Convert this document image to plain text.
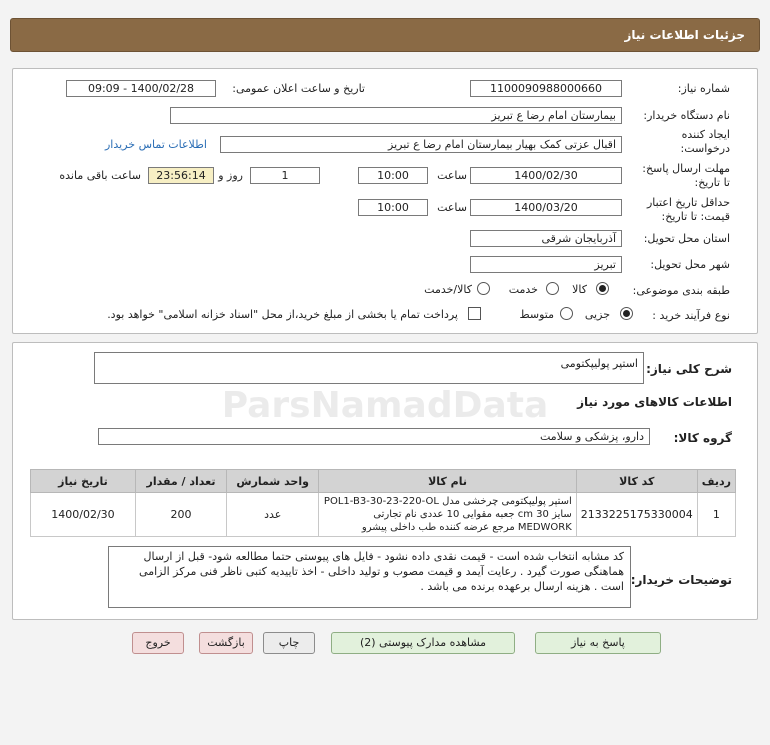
جزئیات اطلاعات نیاز
شماره نیاز:
1100090988000660
تاریخ و ساعت اعلان عمومی:
1400/02/28 - 09:09
نام دستگاه خریدار:
بیمارستان امام رضا ع تبریز
ایجاد کننده درخواست:
اقبال عزتی کمک بهیار بیمارستان امام رضا ع تبریز
اطلاعات تماس خریدار
مهلت ارسال پاسخ: تا تاریخ:
1400/02/30
ساعت
10:00
1
روز و
23:56:14
ساعت باقی مانده
حداقل تاریخ اعتبار قیمت: تا تاریخ:
1400/03/20
ساعت
10:00
استان محل تحویل:
آذربایجان شرقی
شهر محل تحویل:
تبریز
طبقه بندی موضوعی:
کالا
خدمت
کالا/خدمت
نوع فرآیند خرید :
جزیی
متوسط
پرداخت تمام یا بخشی از مبلغ خرید،از محل "اسناد خزانه اسلامی" خواهد بود.
ParsNamadData
شرح کلی نیاز:
استپر پولیپکتومی
اطلاعات کالاهای مورد نیاز
گروه کالا:
دارو، پزشکی و سلامت
ردیف	کد کالا	نام کالا	واحد شمارش	تعداد / مقدار	تاریخ نیاز
1	2133225175330004	استپر پولیپکتومی چرخشی مدل POL1-B3-30-23-220-OL سایز 30 cm جعبه مقوایی 10 عددی نام تجارتی MEDWORK مرجع عرضه کننده طب داخلی پیشرو	عدد	200	1400/02/30
توضیحات خریدار:
کد مشابه انتخاب شده است - قیمت نقدی داده نشود - فایل های پیوستی حتما مطالعه شود- قبل از ارسال هماهنگی صورت گیرد . رعایت آیمد و قیمت مصوب و تولید داخلی - اخذ تاییدیه کتبی ناظر فنی مرکز الزامی است . هزینه ارسال برعهده برنده می باشد .
پاسخ به نیاز
مشاهده مدارک پیوستی (2)
چاپ
بازگشت
خروج
